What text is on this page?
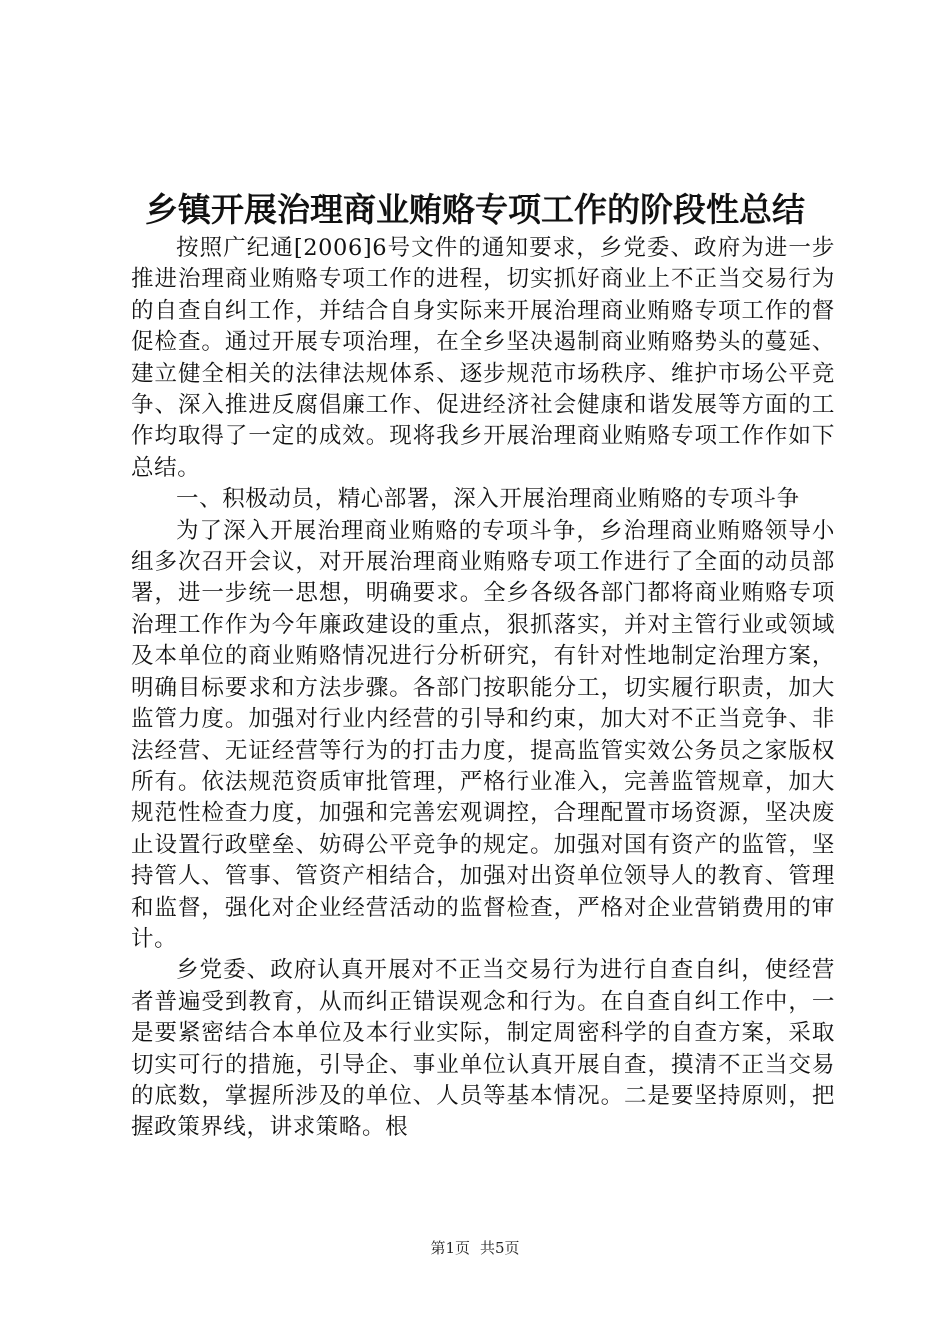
乡镇开展治理商业贿赂专项工作的阶段性总结

按照广纪通[2006]6号文件的通知要求，乡党委、政府为进一步推进治理商业贿赂专项工作的进程，切实抓好商业上不正当交易行为的自查自纠工作，并结合自身实际来开展治理商业贿赂专项工作的督促检查。通过开展专项治理，在全乡坚决遏制商业贿赂势头的蔓延、建立健全相关的法律法规体系、逐步规范市场秩序、维护市场公平竞争、深入推进反腐倡廉工作、促进经济社会健康和谐发展等方面的工作均取得了一定的成效。现将我乡开展治理商业贿赂专项工作作如下总结。

一、积极动员，精心部署，深入开展治理商业贿赂的专项斗争

为了深入开展治理商业贿赂的专项斗争，乡治理商业贿赂领导小组多次召开会议，对开展治理商业贿赂专项工作进行了全面的动员部署，进一步统一思想，明确要求。全乡各级各部门都将商业贿赂专项治理工作作为今年廉政建设的重点，狠抓落实，并对主管行业或领域及本单位的商业贿赂情况进行分析研究，有针对性地制定治理方案，明确目标要求和方法步骤。各部门按职能分工，切实履行职责，加大监管力度。加强对行业内经营的引导和约束，加大对不正当竞争、非法经营、无证经营等行为的打击力度，提高监管实效公务员之家版权所有。依法规范资质审批管理，严格行业准入，完善监管规章，加大规范性检查力度，加强和完善宏观调控，合理配置市场资源，坚决废止设置行政壁垒、妨碍公平竞争的规定。加强对国有资产的监管，坚持管人、管事、管资产相结合，加强对出资单位领导人的教育、管理和监督，强化对企业经营活动的监督检查，严格对企业营销费用的审计。

乡党委、政府认真开展对不正当交易行为进行自查自纠，使经营者普遍受到教育，从而纠正错误观念和行为。在自查自纠工作中，一是要紧密结合本单位及本行业实际，制定周密科学的自查方案，采取切实可行的措施，引导企、事业单位认真开展自查，摸清不正当交易的底数，掌握所涉及的单位、人员等基本情况。二是要坚持原则，把握政策界线，讲求策略。根

第1页 共5页
